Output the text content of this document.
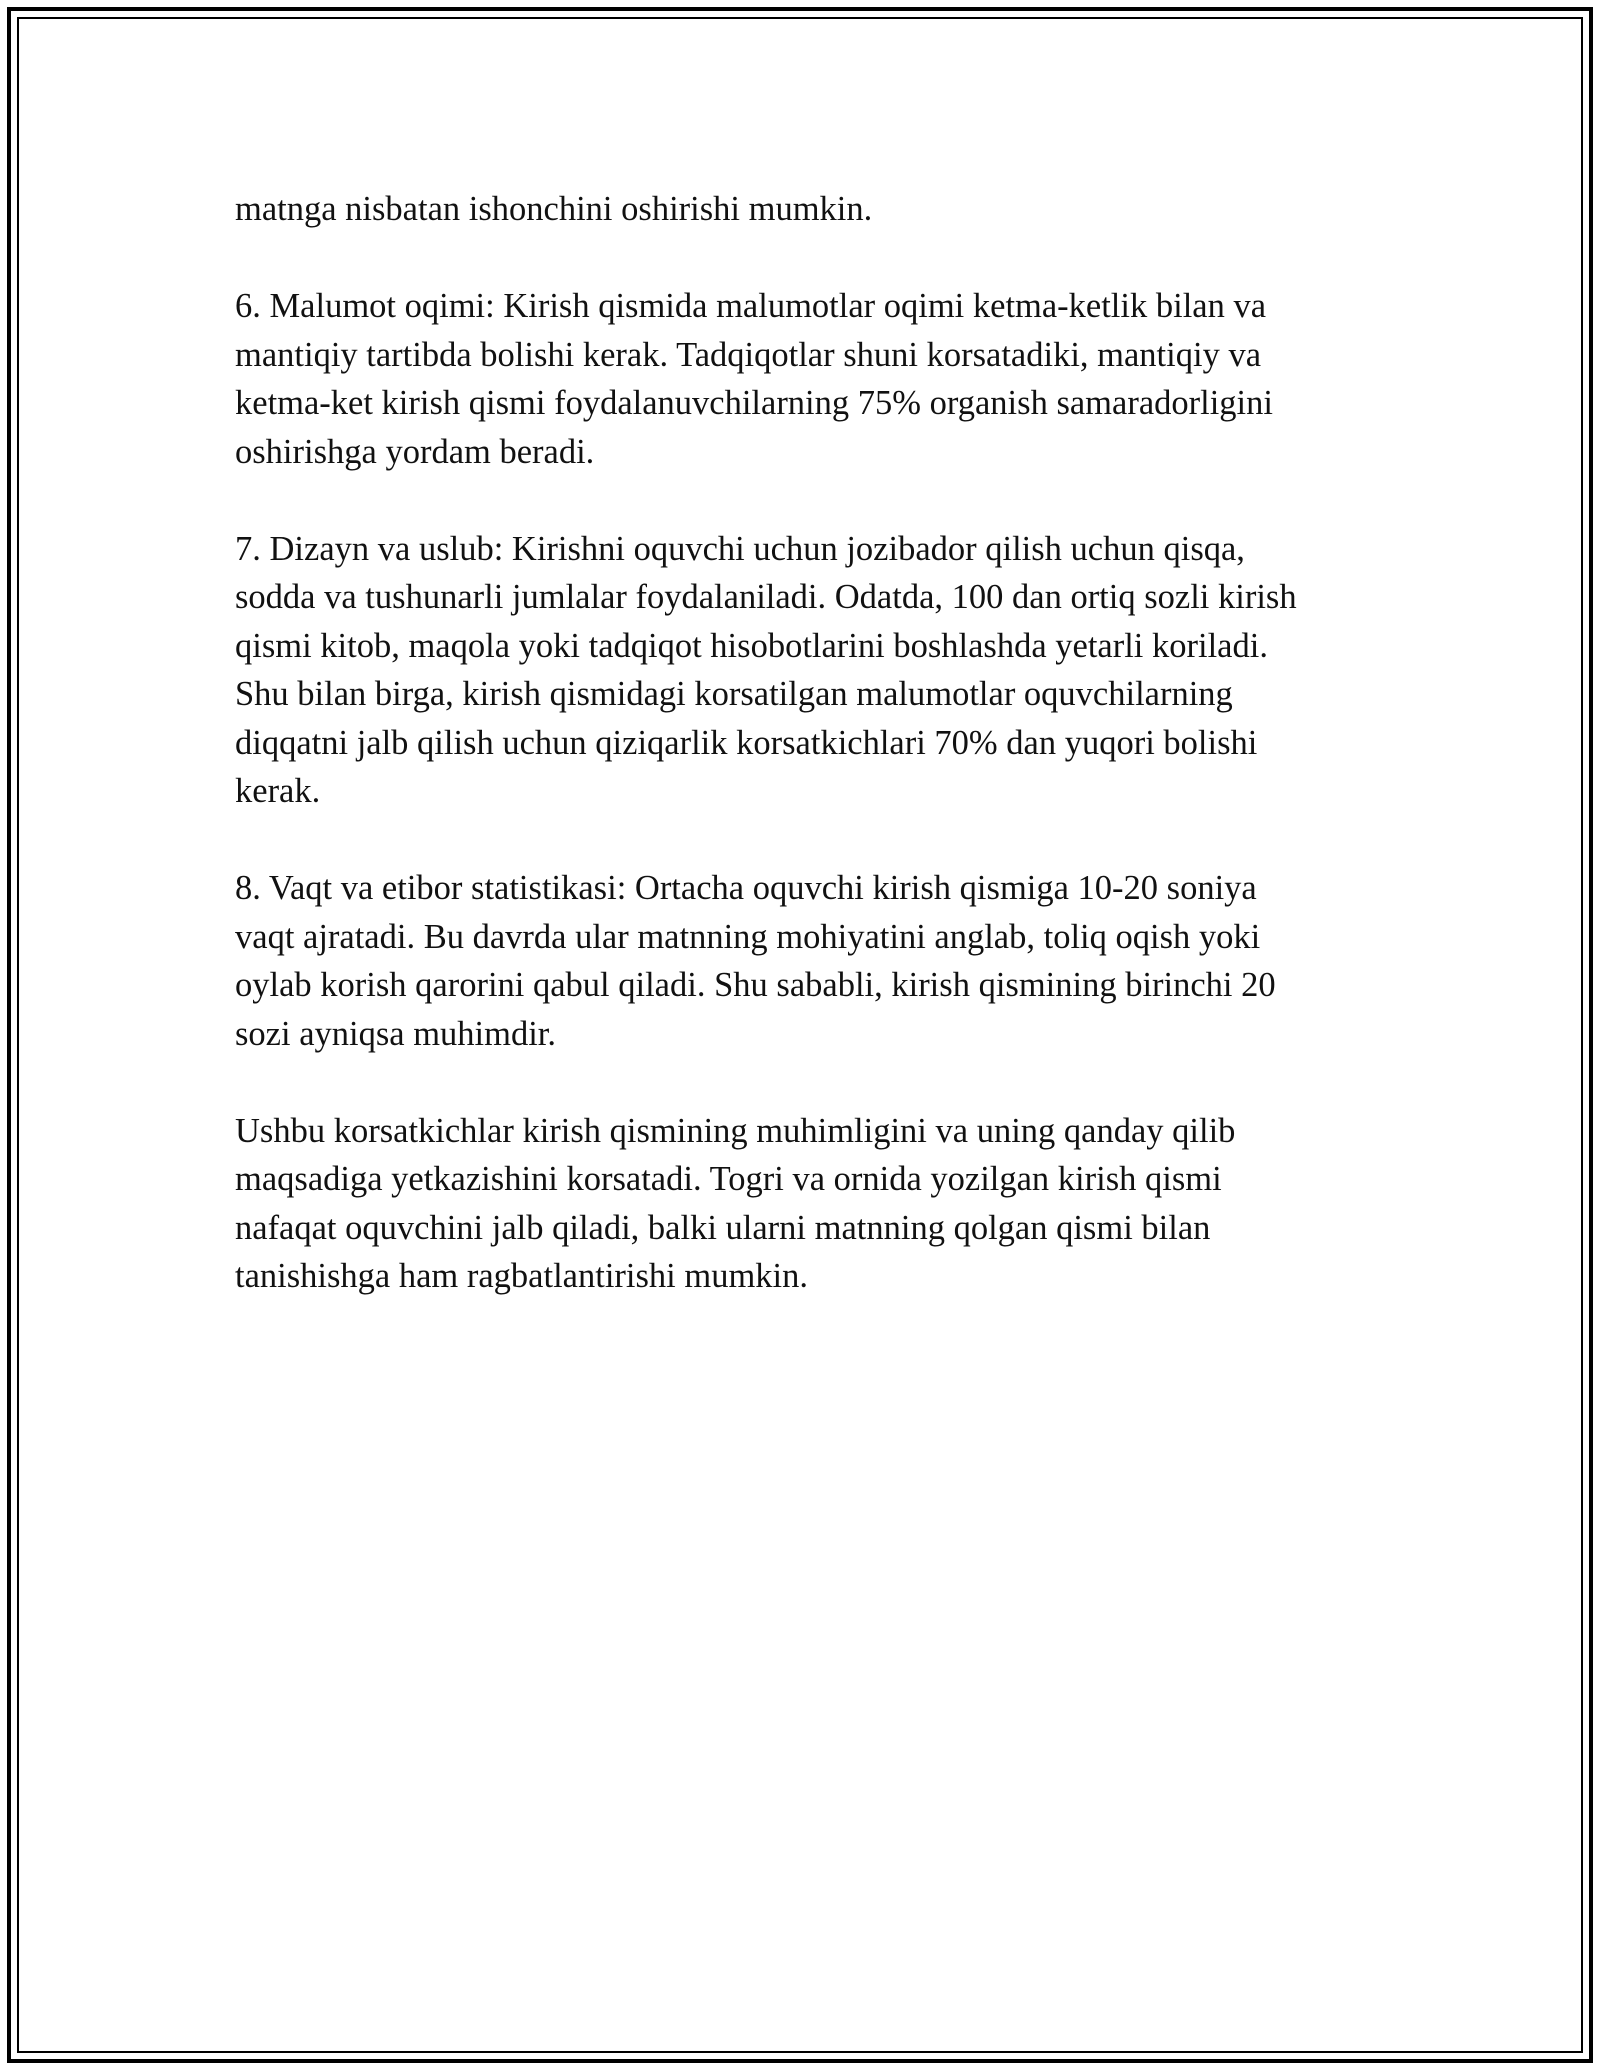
matnga nisbatan ishonchini oshirishi mumkin.

6. Malumot oqimi: Kirish qismida malumotlar oqimi ketma-ketlik bilan va
mantiqiy tartibda bolishi kerak. Tadqiqotlar shuni korsatadiki, mantiqiy va
ketma-ket kirish qismi foydalanuvchilarning 75% organish samaradorligini
oshirishga yordam beradi.

7. Dizayn va uslub: Kirishni oquvchi uchun jozibador qilish uchun qisqa,
sodda va tushunarli jumlalar foydalaniladi. Odatda, 100 dan ortiq sozli kirish
qismi kitob, maqola yoki tadqiqot hisobotlarini boshlashda yetarli koriladi.
Shu bilan birga, kirish qismidagi korsatilgan malumotlar oquvchilarning
diqqatni jalb qilish uchun qiziqarlik korsatkichlari 70% dan yuqori bolishi
kerak.

8. Vaqt va etibor statistikasi: Ortacha oquvchi kirish qismiga 10-20 soniya
vaqt ajratadi. Bu davrda ular matnning mohiyatini anglab, toliq oqish yoki
oylab korish qarorini qabul qiladi. Shu sababli, kirish qismining birinchi 20
sozi ayniqsa muhimdir.

Ushbu korsatkichlar kirish qismining muhimligini va uning qanday qilib
maqsadiga yetkazishini korsatadi. Togri va ornida yozilgan kirish qismi
nafaqat oquvchini jalb qiladi, balki ularni matnning qolgan qismi bilan
tanishishga ham ragbatlantirishi mumkin.
